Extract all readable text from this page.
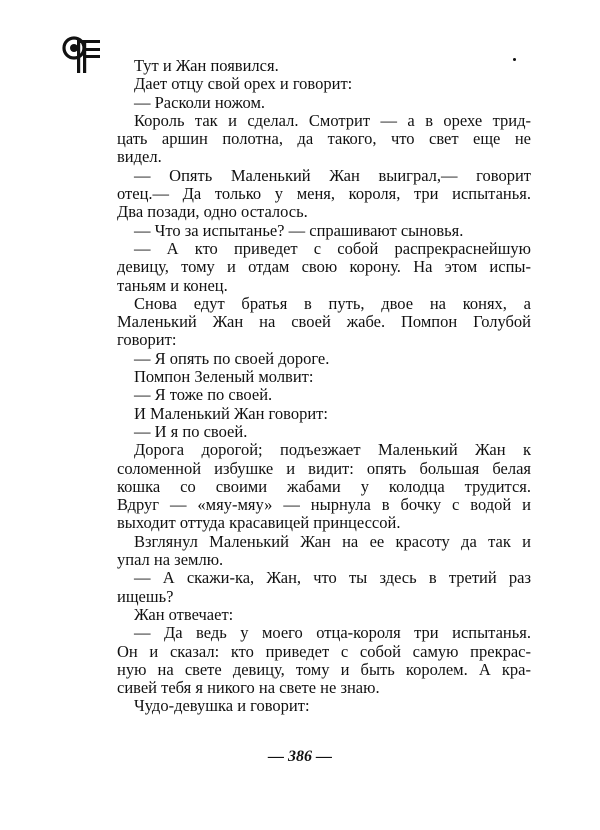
Тут и Жан появился.
Дает отцу свой орех и говорит:
— Расколи ножом.
Король так и сделал. Смотрит — а в орехе трид-
цать аршин полотна, да такого, что свет еще не
видел.
— Опять Маленький Жан выиграл,— говорит
отец.— Да только у меня, короля, три испытанья.
Два позади, одно осталось.
— Что за испытанье? — спрашивают сыновья.
— А кто приведет с собой распрекраснейшую
девицу, тому и отдам свою корону. На этом испы-
таньям и конец.
Снова едут братья в путь, двое на конях, а
Маленький Жан на своей жабе. Помпон Голубой
говорит:
— Я опять по своей дороге.
Помпон Зеленый молвит:
— Я тоже по своей.
И Маленький Жан говорит:
— И я по своей.
Дорога дорогой; подъезжает Маленький Жан к
соломенной избушке и видит: опять большая белая
кошка со своими жабами у колодца трудится.
Вдруг — «мяу-мяу» — нырнула в бочку с водой и
выходит оттуда красавицей принцессой.
Взглянул Маленький Жан на ее красоту да так и
упал на землю.
— А скажи-ка, Жан, что ты здесь в третий раз
ищешь?
Жан отвечает:
— Да ведь у моего отца-короля три испытанья.
Он и сказал: кто приведет с собой самую прекрас-
ную на свете девицу, тому и быть королем. А кра-
сивей тебя я никого на свете не знаю.
Чудо-девушка и говорит:
— 386 —
